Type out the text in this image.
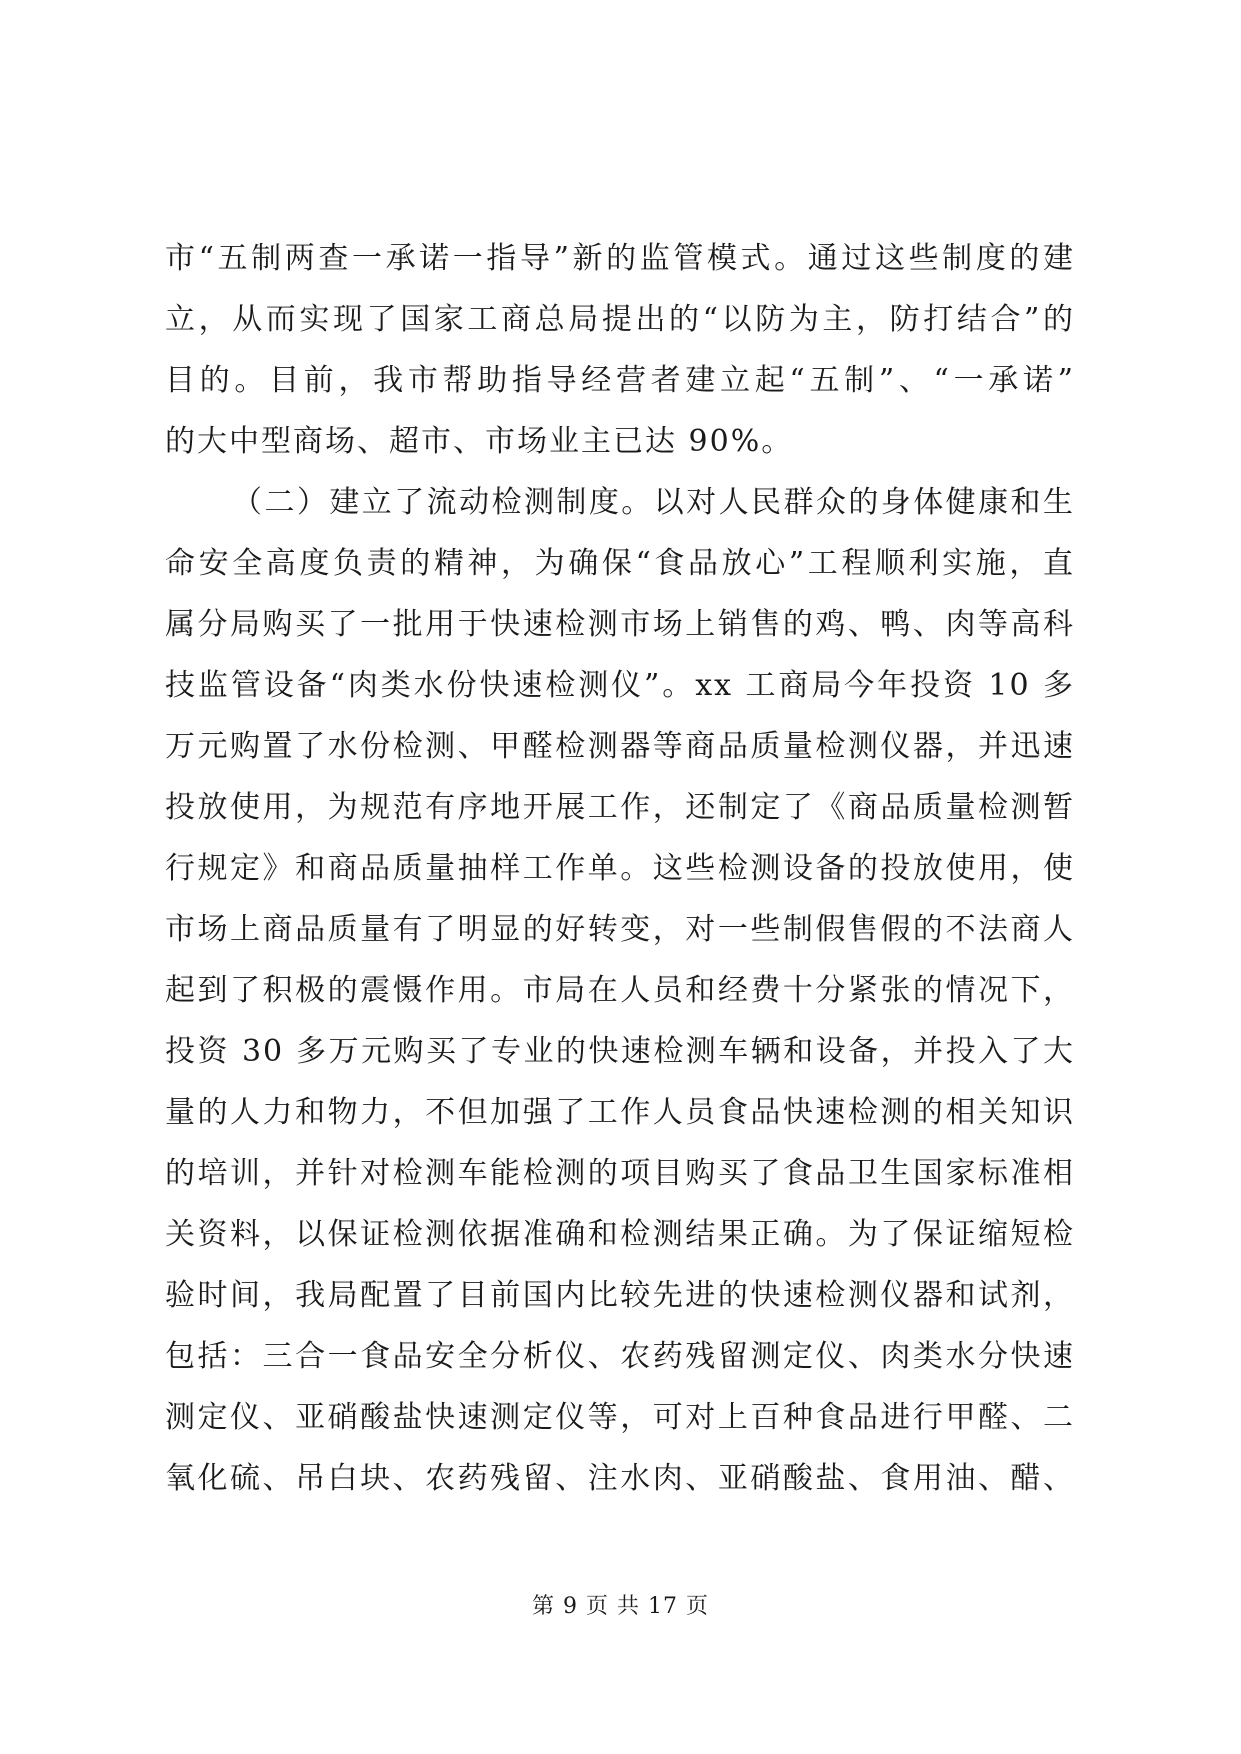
市“五制两查一承诺一指导”新的监管模式。通过这些制度的建
立，从而实现了国家工商总局提出的“以防为主，防打结合”的
目的。目前，我市帮助指导经营者建立起“五制”、“一承诺”
的大中型商场、超市、市场业主已达 90%。
（二）建立了流动检测制度。以对人民群众的身体健康和生
命安全高度负责的精神，为确保“食品放心”工程顺利实施，直
属分局购买了一批用于快速检测市场上销售的鸡、鸭、肉等高科
技监管设备“肉类水份快速检测仪”。xx 工商局今年投资 10 多
万元购置了水份检测、甲醛检测器等商品质量检测仪器，并迅速
投放使用，为规范有序地开展工作，还制定了《商品质量检测暂
行规定》和商品质量抽样工作单。这些检测设备的投放使用，使
市场上商品质量有了明显的好转变，对一些制假售假的不法商人
起到了积极的震慑作用。市局在人员和经费十分紧张的情况下，
投资 30 多万元购买了专业的快速检测车辆和设备，并投入了大
量的人力和物力，不但加强了工作人员食品快速检测的相关知识
的培训，并针对检测车能检测的项目购买了食品卫生国家标准相
关资料，以保证检测依据准确和检测结果正确。为了保证缩短检
验时间，我局配置了目前国内比较先进的快速检测仪器和试剂，
包括：三合一食品安全分析仪、农药残留测定仪、肉类水分快速
测定仪、亚硝酸盐快速测定仪等，可对上百种食品进行甲醛、二
氧化硫、吊白块、农药残留、注水肉、亚硝酸盐、食用油、醋、
第 9 页 共 17 页
